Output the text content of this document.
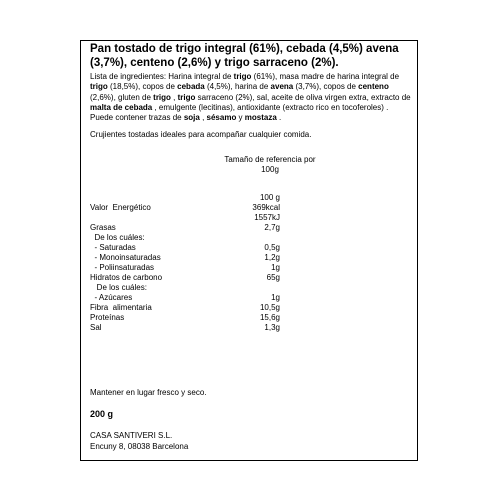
Pan tostado de trigo integral (61%), cebada (4,5%) avena (3,7%), centeno (2,6%) y trigo sarraceno (2%).

Lista de ingredientes: Harina integral de trigo (61%), masa madre de harina integral de trigo (18,5%), copos de cebada (4,5%), harina de avena (3,7%), copos de centeno (2,6%), gluten de trigo , trigo sarraceno (2%), sal, aceite de oliva virgen extra, extracto de malta de cebada , emulgente (lecitinas), antioxidante (extracto rico en tocoferoles) . Puede contener trazas de soja , sésamo y mostaza .
Crujientes tostadas ideales para acompañar cualquier comida.
Tamaño de referencia por
100g
100 g
Valor  Energético	369kcal
1557kJ
Grasas	2,7g
De los cuáles:
- Saturadas	0,5g
- Monoinsaturadas	1,2g
- Poliinsaturadas	1g
Hidratos de carbono	65g
De los cuáles:
- Azúcares	1g
Fibra  alimentaria	10,5g
Proteínas	15,6g
Sal	1,3g
Mantener en lugar fresco y seco.
200 g
CASA SANTIVERI S.L.
Encuny 8, 08038 Barcelona
